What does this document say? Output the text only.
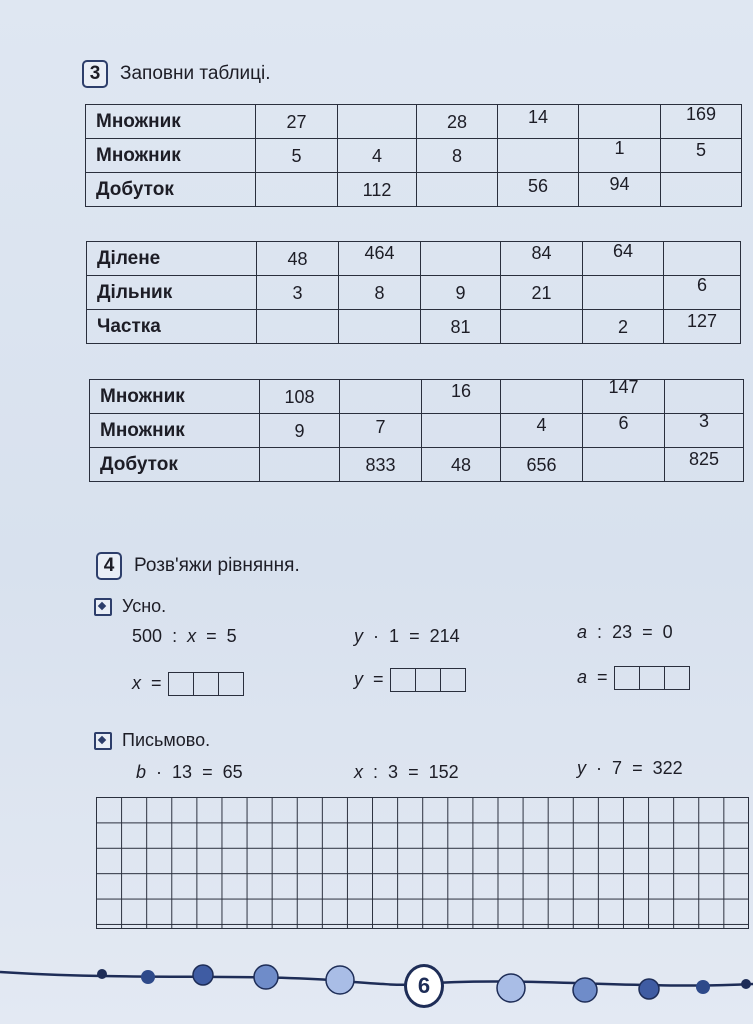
3	Заповни таблиці.
Множник	27		28	14		169

Множник	5	4	8		1	5

Добуток		112		56	94	

Ділене	48	464		84	64	

Дільник	3	8	9	21		6

Частка			81		2	127
Множник	108		16		147	

Множник	9	7		4	6	3

Добуток		833	48	656		825
4	Розв'яжи рівняння.
Усно.
500 : x = 5
x =
y · 1 = 214
y =
a : 23 = 0
a =
Письмово.
b · 13 = 65	x : 3 = 152	y · 7 = 322
6
